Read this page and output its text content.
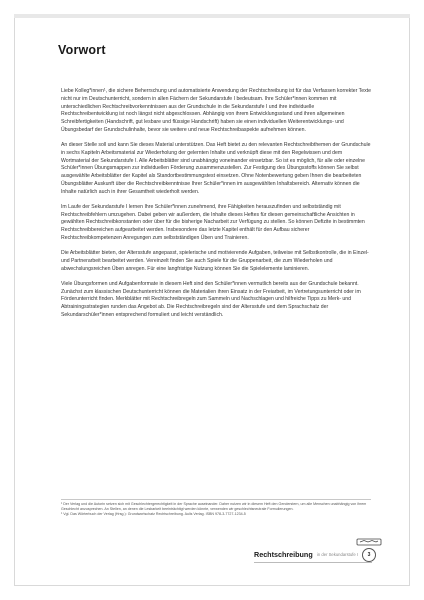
Vorwort

Liebe Kolleg*innen¹, die sichere Beherrschung und automatisierte Anwendung der Rechtschreibung ist für das Verfassen korrekter Texte nicht nur im Deutschunterricht, sondern in allen Fächern der Sekundarstufe I bedeutsam. Ihre Schüler*innen kommen mit unterschiedlichen Rechtschreibvorkenntnissen aus der Grundschule in die Sekundarstufe I und ihre individuelle Rechtschreibentwicklung ist noch längst nicht abgeschlossen. Abhängig von ihrem Entwicklungsstand und ihren allgemeinen Schreibfertigkeiten (Handschrift, gut lesbare und flüssige Handschrift) haben sie einen individuellen Weiterentwicklungs- und Übungsbedarf der Grundschulinhalte, bevor sie weitere und neue Rechtschreibaspekte aufnehmen können.

An dieser Stelle soll und kann Sie dieses Material unterstützen. Das Heft bietet zu den relevanten Rechtschreibthemen der Grundschule in sechs Kapiteln Arbeitsmaterial zur Wiederholung der gelernten Inhalte und verknüpft diese mit den Regelwissen und dem Wortmaterial der Sekundarstufe I. Alle Arbeitsblätter sind unabhängig voneinander einsetzbar. So ist es möglich, für alle oder einzelne Schüler*innen Übungsmappen zur individuellen Förderung zusammenzustellen. Zur Festigung des Übungsstoffs können Sie selbst ausgewählte Arbeitsblätter der Kapitel als Standortbestimmungstest einsetzen. Ohne Notenbewertung geben Ihnen die bearbeiteten Übungsblätter Auskunft über die Rechtschreibkenntnisse Ihrer Schüler*innen im ausgewählten Inhaltsbereich. Alternativ können die Inhalte natürlich auch in ihrer Gesamtheit wiederholt werden.

Im Laufe der Sekundarstufe I lernen Ihre Schüler*innen zunehmend, ihre Fähigkeiten herauszufinden und selbstständig mit Rechtschreibfehlern umzugehen. Dabei geben wir außerdem, die Inhalte dieses Heftes für diesen gemeinschaftliche Ansichten in gewählten Rechtschreibkonstanten oder über für die bisherige Nacharbeit zur Verfügung zu stellen. So können Defizite in bestimmten Rechtschreibbereichen aufgearbeitet werden. Insbesondere das letzte Kapitel enthält für den Aufbau sicherer Rechtschreibkompetenzen Anregungen zum selbstständigen Üben und Trainieren.

Die Arbeitsblätter bieten, der Altersstufe angepasst, spielerische und motivierende Aufgaben, teilweise mit Selbstkontrolle, die in Einzel- und Partnerarbeit bearbeitet werden. Vereinzelt finden Sie auch Spiele für die Gruppenarbeit, die zum Wiederholen und abwechslungsreichen Üben anregen. Für eine langfristige Nutzung können Sie die Spielelemente laminieren.

Viele Übungsformen und Aufgabenformate in diesem Heft sind den Schüler*innen vermutlich bereits aus der Grundschule bekannt. Zunächst zum klassischen Deutschunterricht können die Materialien ihren Einsatz in der Freiarbeit, im Vertretungsunterricht oder im Förderunterricht finden. Merkblätter mit Rechtschreibregeln zum Sammeln und Nachschlagen und hilfreiche Tipps zu Merk- und Abtrainingsstrategien runden das Angebot ab. Die Rechtschreibregeln sind der Altersstufe und dem Sprachschatz der Sekundarschüler*innen entsprechend formuliert und leicht verständlich.

¹ Der Verlag und die Autorin setzen sich mit Geschlechtergerechtigkeit in der Sprache auseinander. Daher nutzen wir in diesem Heft den Genderstern, um alle Menschen unabhängig von ihrem Geschlecht anzusprechen. An Stellen, an denen die Lesbarkeit beeinträchtigt werden könnte, verwenden wir geschlechtsneutrale Formulierungen.

¹ Vgl. Das Wörterbuch der Verlag (Hrsg.): Grundwortschatz Rechtschreibung. Aulis Verlag. ISBN 978-3-7727-1234-5

Rechtschreibung in der Sekundarstufe I	3
